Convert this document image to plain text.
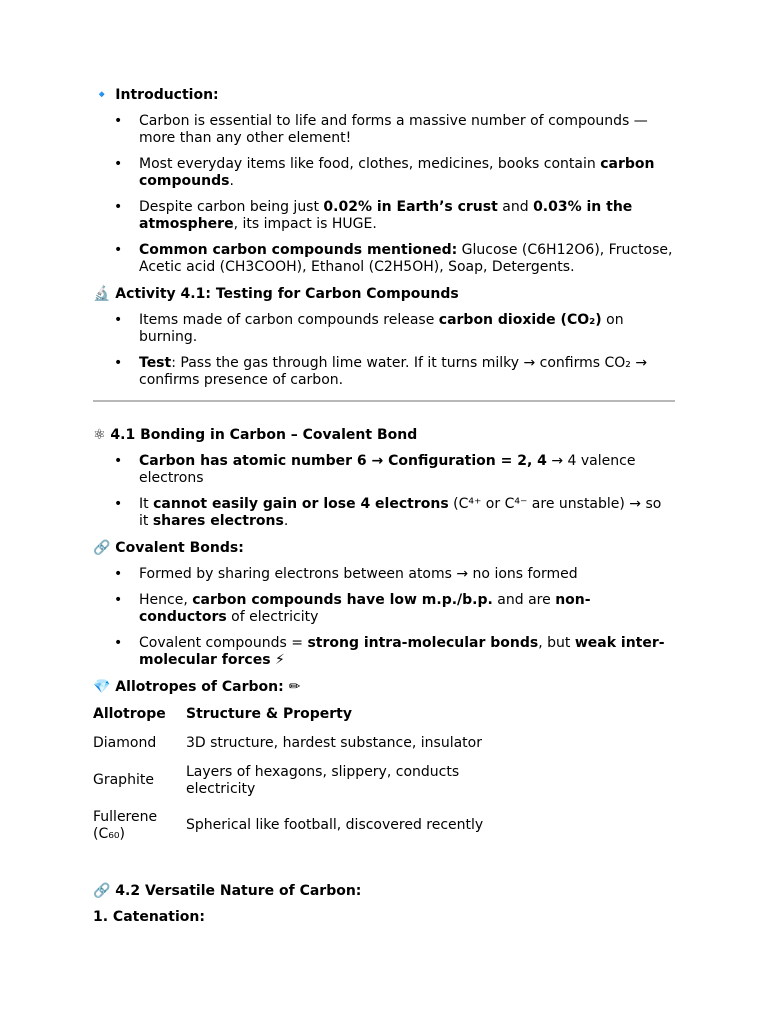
🔹 Introduction: ⁣⁣⁣

• Carbon is essential to life and forms a massive number of compounds — more than any other element!
• Most everyday items like food, clothes, medicines, books contain carbon compounds.
• Despite carbon being just 0.02% in Earth’s crust and 0.03% in the atmosphere, its impact is HUGE.
• Common carbon compounds mentioned: Glucose (C6H12O6), Fructose, Acetic acid (CH3COOH), Ethanol (C2H5OH), Soap, Detergents.

🔬 Activity 4.1: Testing for Carbon Compounds ⁣⁣⁣

• Items made of carbon compounds release carbon dioxide (CO₂) on burning.
• Test: Pass the gas through lime water. If it turns milky → confirms CO₂ → confirms presence of carbon.

⚛ 4.1 Bonding in Carbon – Covalent Bond ⁣⁣⁣

• Carbon has atomic number 6 → Configuration = 2, 4 → 4 valence electrons
• It cannot easily gain or lose 4 electrons (C⁴⁺ or C⁴⁻ are unstable) → so it shares electrons.

🔗 Covalent Bonds: ⁣⁣⁣

• Formed by sharing electrons between atoms → no ions formed
• Hence, carbon compounds have low m.p./b.p. and are non-conductors of electricity
• Covalent compounds = strong intra-molecular bonds, but weak inter-molecular forces ⁣⁣⚡

💎 Allotropes of Carbon: ⁣✏⁣

Allotrope	Structure & Property
Diamond	3D structure, hardest substance, insulator
Graphite	Layers of hexagons, slippery, conducts electricity
Fullerene (C₆₀)	Spherical like football, discovered recently

🔗 4.2 Versatile Nature of Carbon: ⁣⁣⁣

1. Catenation: ⁣⁣⁣
